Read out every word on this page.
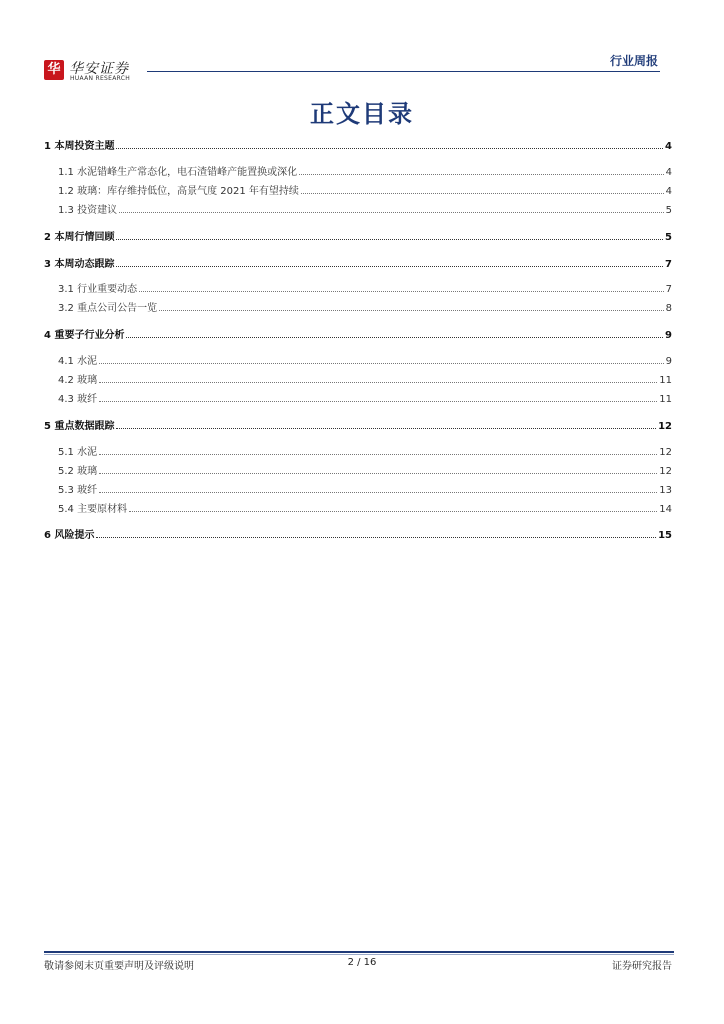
华 华安证券
HUAAN RESEARCH
行业周报
正文目录
1 本周投资主题	4
1.1 水泥错峰生产常态化，电石渣错峰产能置换或深化	4
1.2 玻璃：库存维持低位，高景气度 2021 年有望持续	4
1.3 投资建议	5
2 本周行情回顾	5
3 本周动态跟踪	7
3.1 行业重要动态	7
3.2 重点公司公告一览	8
4 重要子行业分析	9
4.1 水泥	9
4.2 玻璃	11
4.3 玻纤	11
5 重点数据跟踪	12
5.1 水泥	12
5.2 玻璃	12
5.3 玻纤	13
5.4 主要原材料	14
6 风险提示	15
敬请参阅末页重要声明及评级说明	2 / 16	证券研究报告
